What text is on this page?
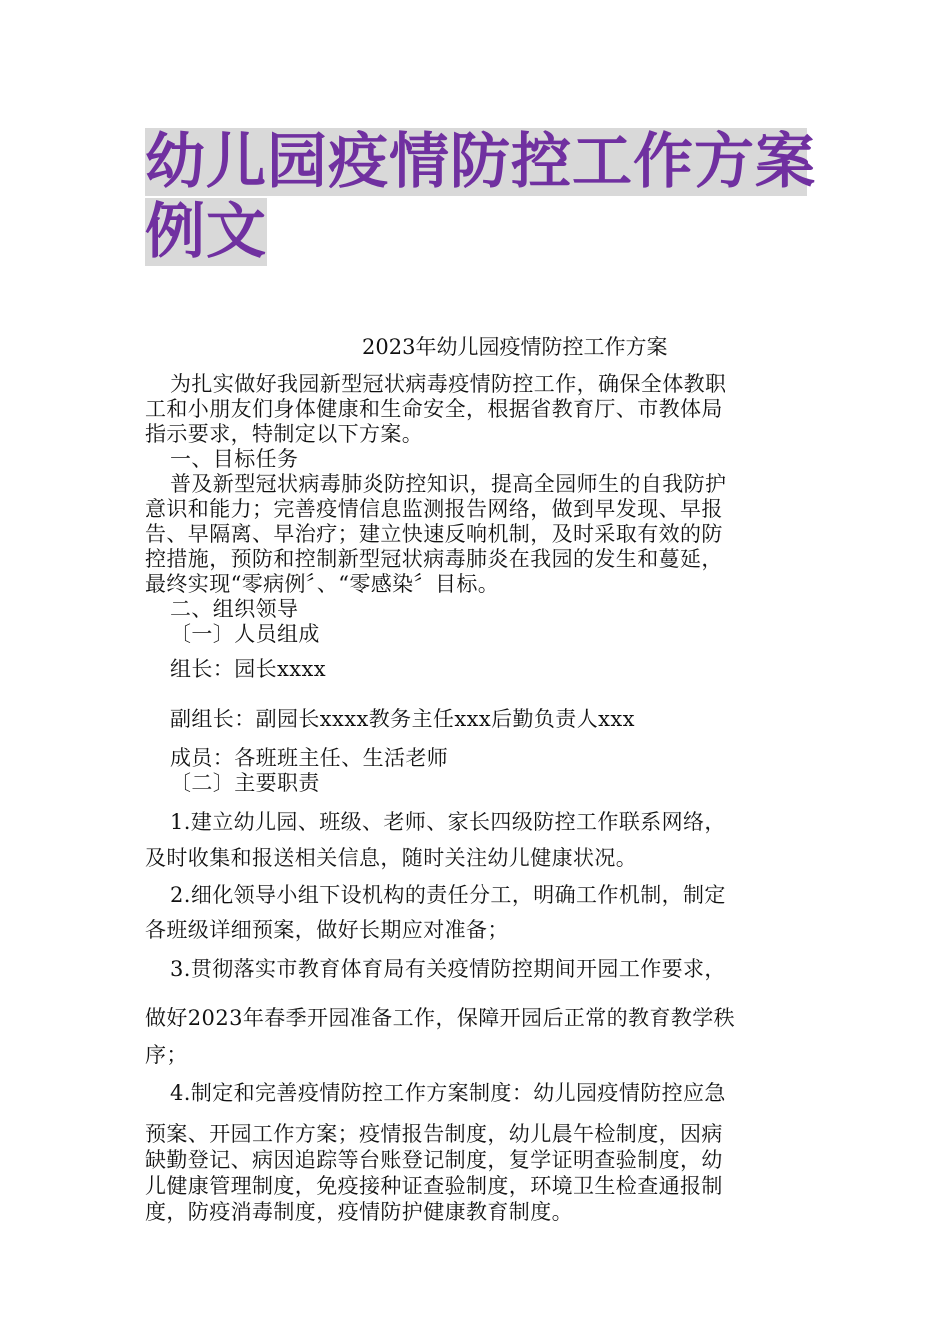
幼儿园疫情防控工作方案
例文
2023年幼儿园疫情防控工作方案
为扎实做好我园新型冠状病毒疫情防控工作，确保全体教职
工和小朋友们身体健康和生命安全，根据省教育厅、市教体局
指示要求，特制定以下方案。
一、目标任务
普及新型冠状病毒肺炎防控知识，提高全园师生的自我防护
意识和能力；完善疫情信息监测报告网络，做到早发现、早报
告、早隔离、早治疗；建立快速反响机制，及时采取有效的防
控措施，预防和控制新型冠状病毒肺炎在我园的发生和蔓延，
最终实现“零病例〞、“零感染〞目标。
二、组织领导
〔一〕人员组成
组长：园长xxxx
副组长：副园长xxxx教务主任xxx后勤负责人xxx
成员：各班班主任、生活老师
〔二〕主要职责
1.建立幼儿园、班级、老师、家长四级防控工作联系网络，
及时收集和报送相关信息，随时关注幼儿健康状况。
2.细化领导小组下设机构的责任分工，明确工作机制，制定
各班级详细预案，做好长期应对准备；
3.贯彻落实市教育体育局有关疫情防控期间开园工作要求，
做好2023年春季开园准备工作，保障开园后正常的教育教学秩
序；
4.制定和完善疫情防控工作方案制度：幼儿园疫情防控应急
预案、开园工作方案；疫情报告制度，幼儿晨午检制度，因病
缺勤登记、病因追踪等台账登记制度，复学证明查验制度，幼
儿健康管理制度，免疫接种证查验制度，环境卫生检查通报制
度，防疫消毒制度，疫情防护健康教育制度。
